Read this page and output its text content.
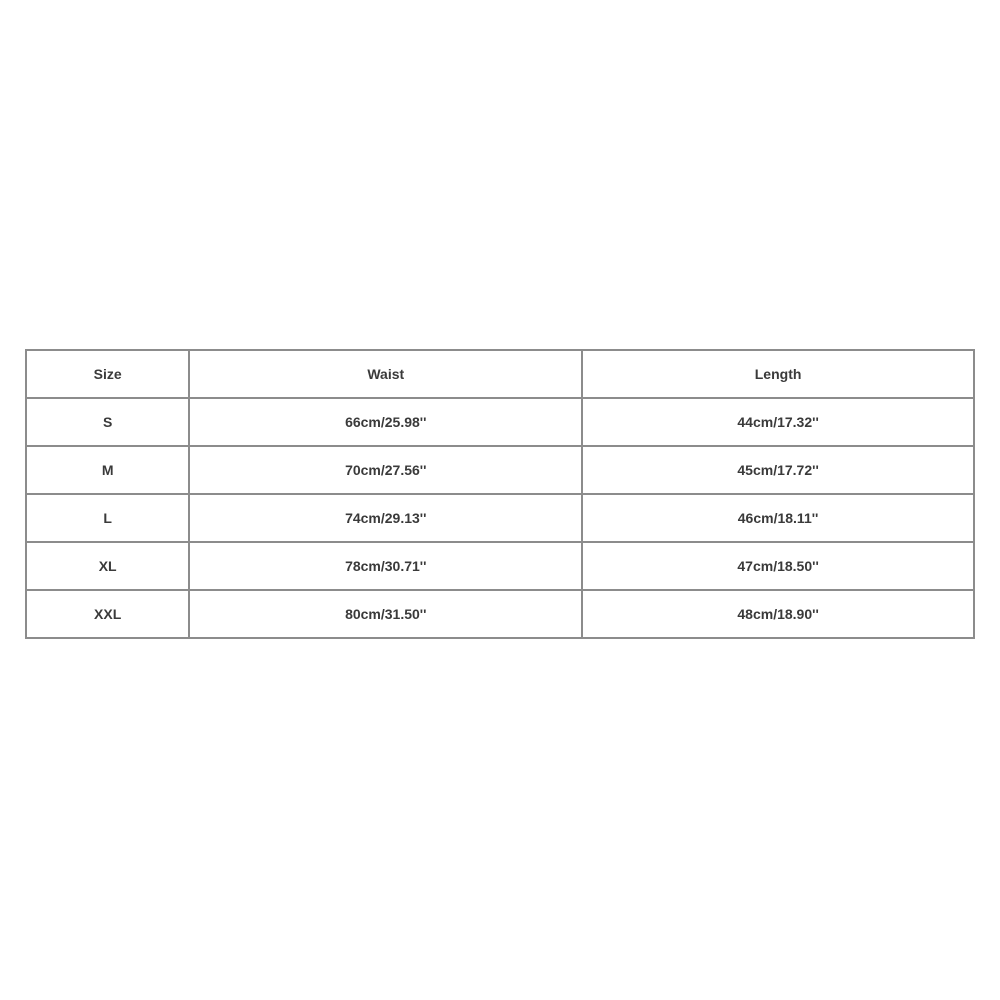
Size	Waist	Length
S	66cm/25.98''	44cm/17.32''
M	70cm/27.56''	45cm/17.72''
L	74cm/29.13''	46cm/18.11''
XL	78cm/30.71''	47cm/18.50''
XXL	80cm/31.50''	48cm/18.90''
